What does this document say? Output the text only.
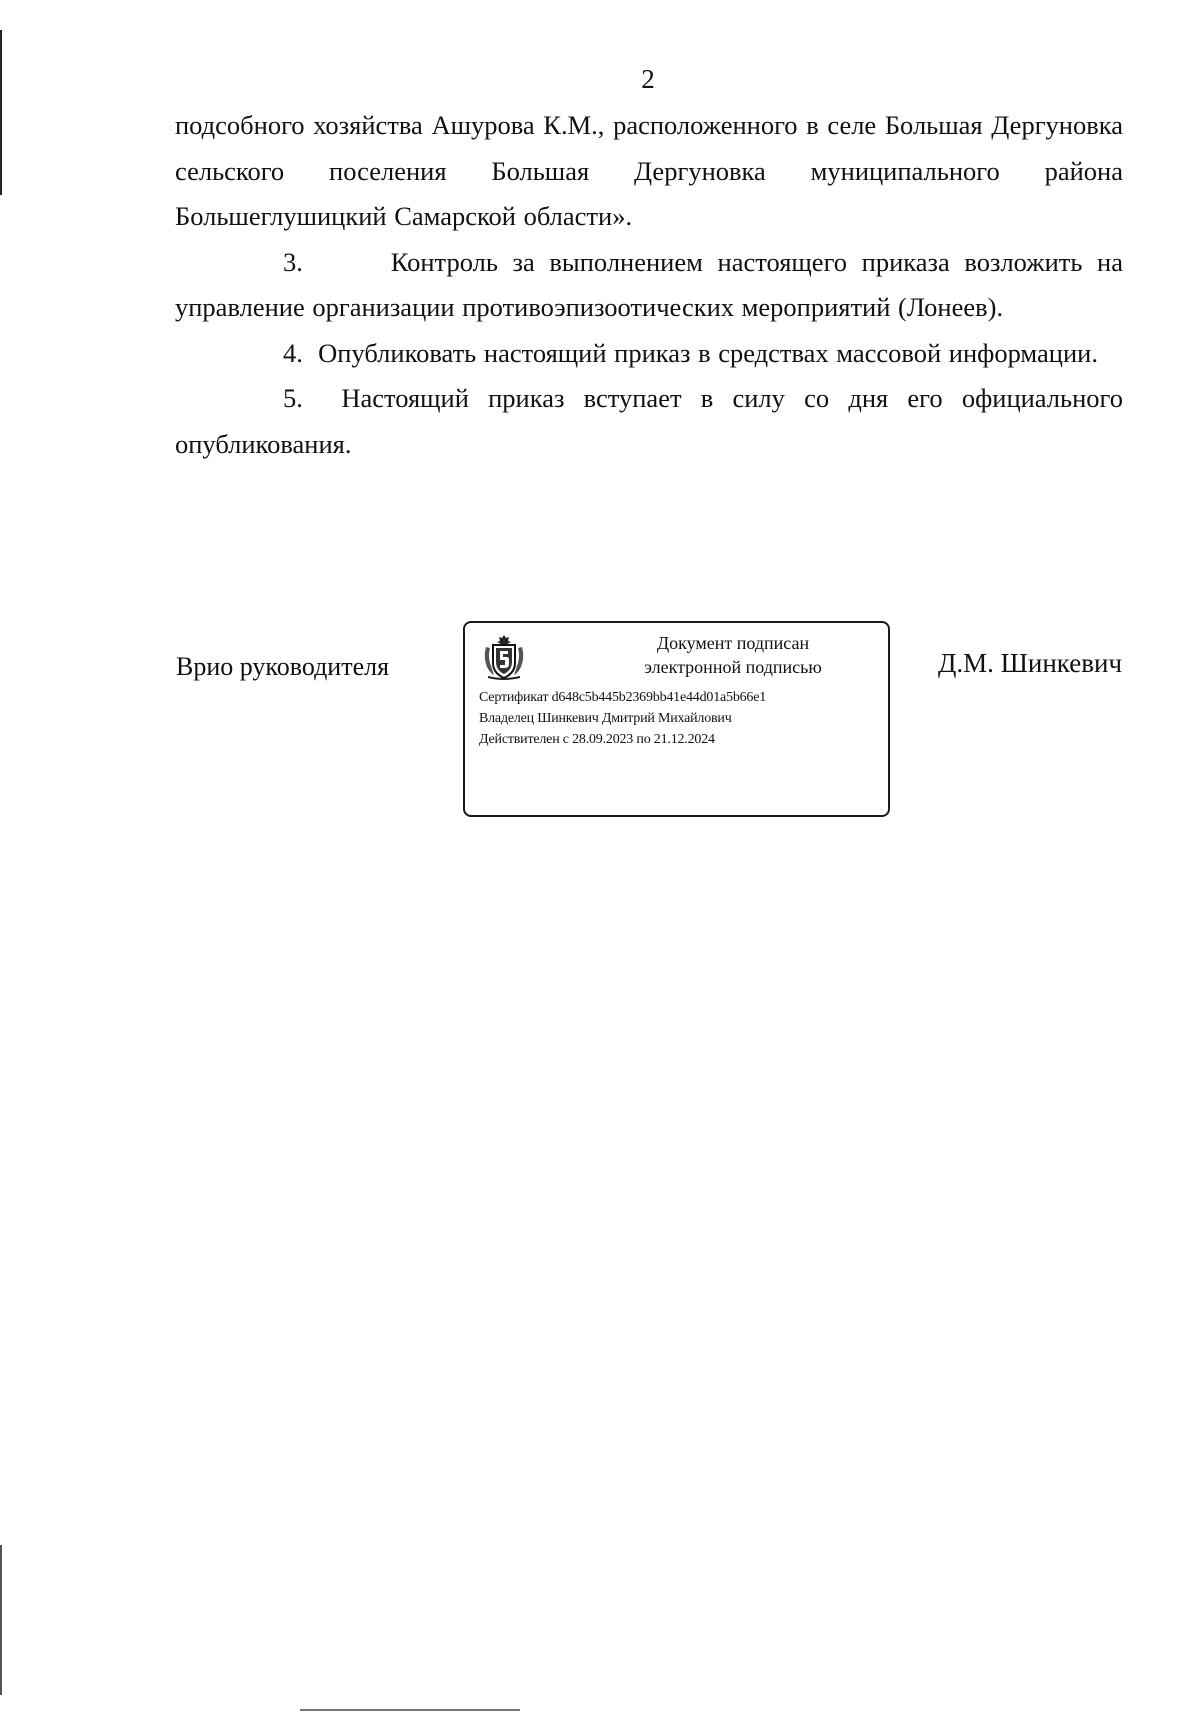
2

подсобного хозяйства Ашурова К.М., расположенного в селе Большая Дергуновка сельского поселения Большая Дергуновка муниципального района Большеглушицкий Самарской области».

3.	Контроль за выполнением настоящего приказа возложить на управление организации противоэпизоотических мероприятий (Лонеев).

4. Опубликовать настоящий приказ в средствах массовой информации.

5. Настоящий приказ вступает в силу со дня его официального опубликования.

Врио руководителя
Документ подписан
электронной подписью
Сертификат d648c5b445b2369bb41e44d01a5b66e1
Владелец Шинкевич Дмитрий Михайлович
Действителен с 28.09.2023 по 21.12.2024
Д.М. Шинкевич
